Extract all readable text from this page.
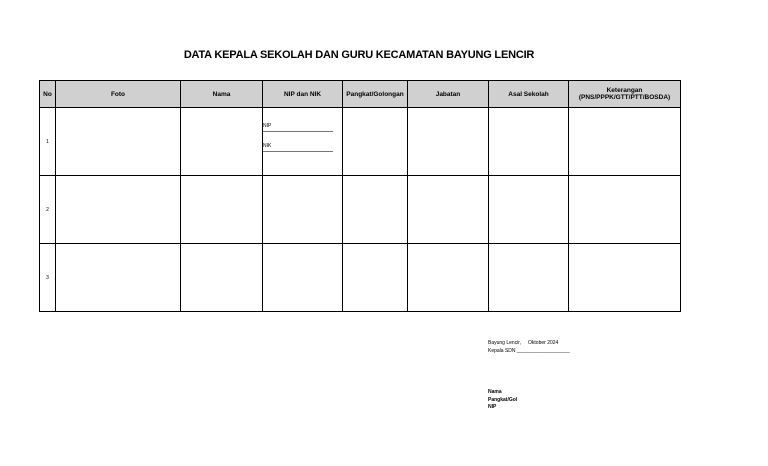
DATA KEPALA SEKOLAH DAN GURU KECAMATAN BAYUNG LENCIR
No	Foto	Nama	NIP dan NIK	Pangkat/Golongan	Jabatan	Asal Sekolah	Keterangan
(PNS/PPPK/GTT/PTT/BOSDA)
1			NIP
NIK				

2							
3							
Bayung Lencir,     Oktober 2024
Kepala SDN ___________________
Nama
Pangkat/Gol
NIP
